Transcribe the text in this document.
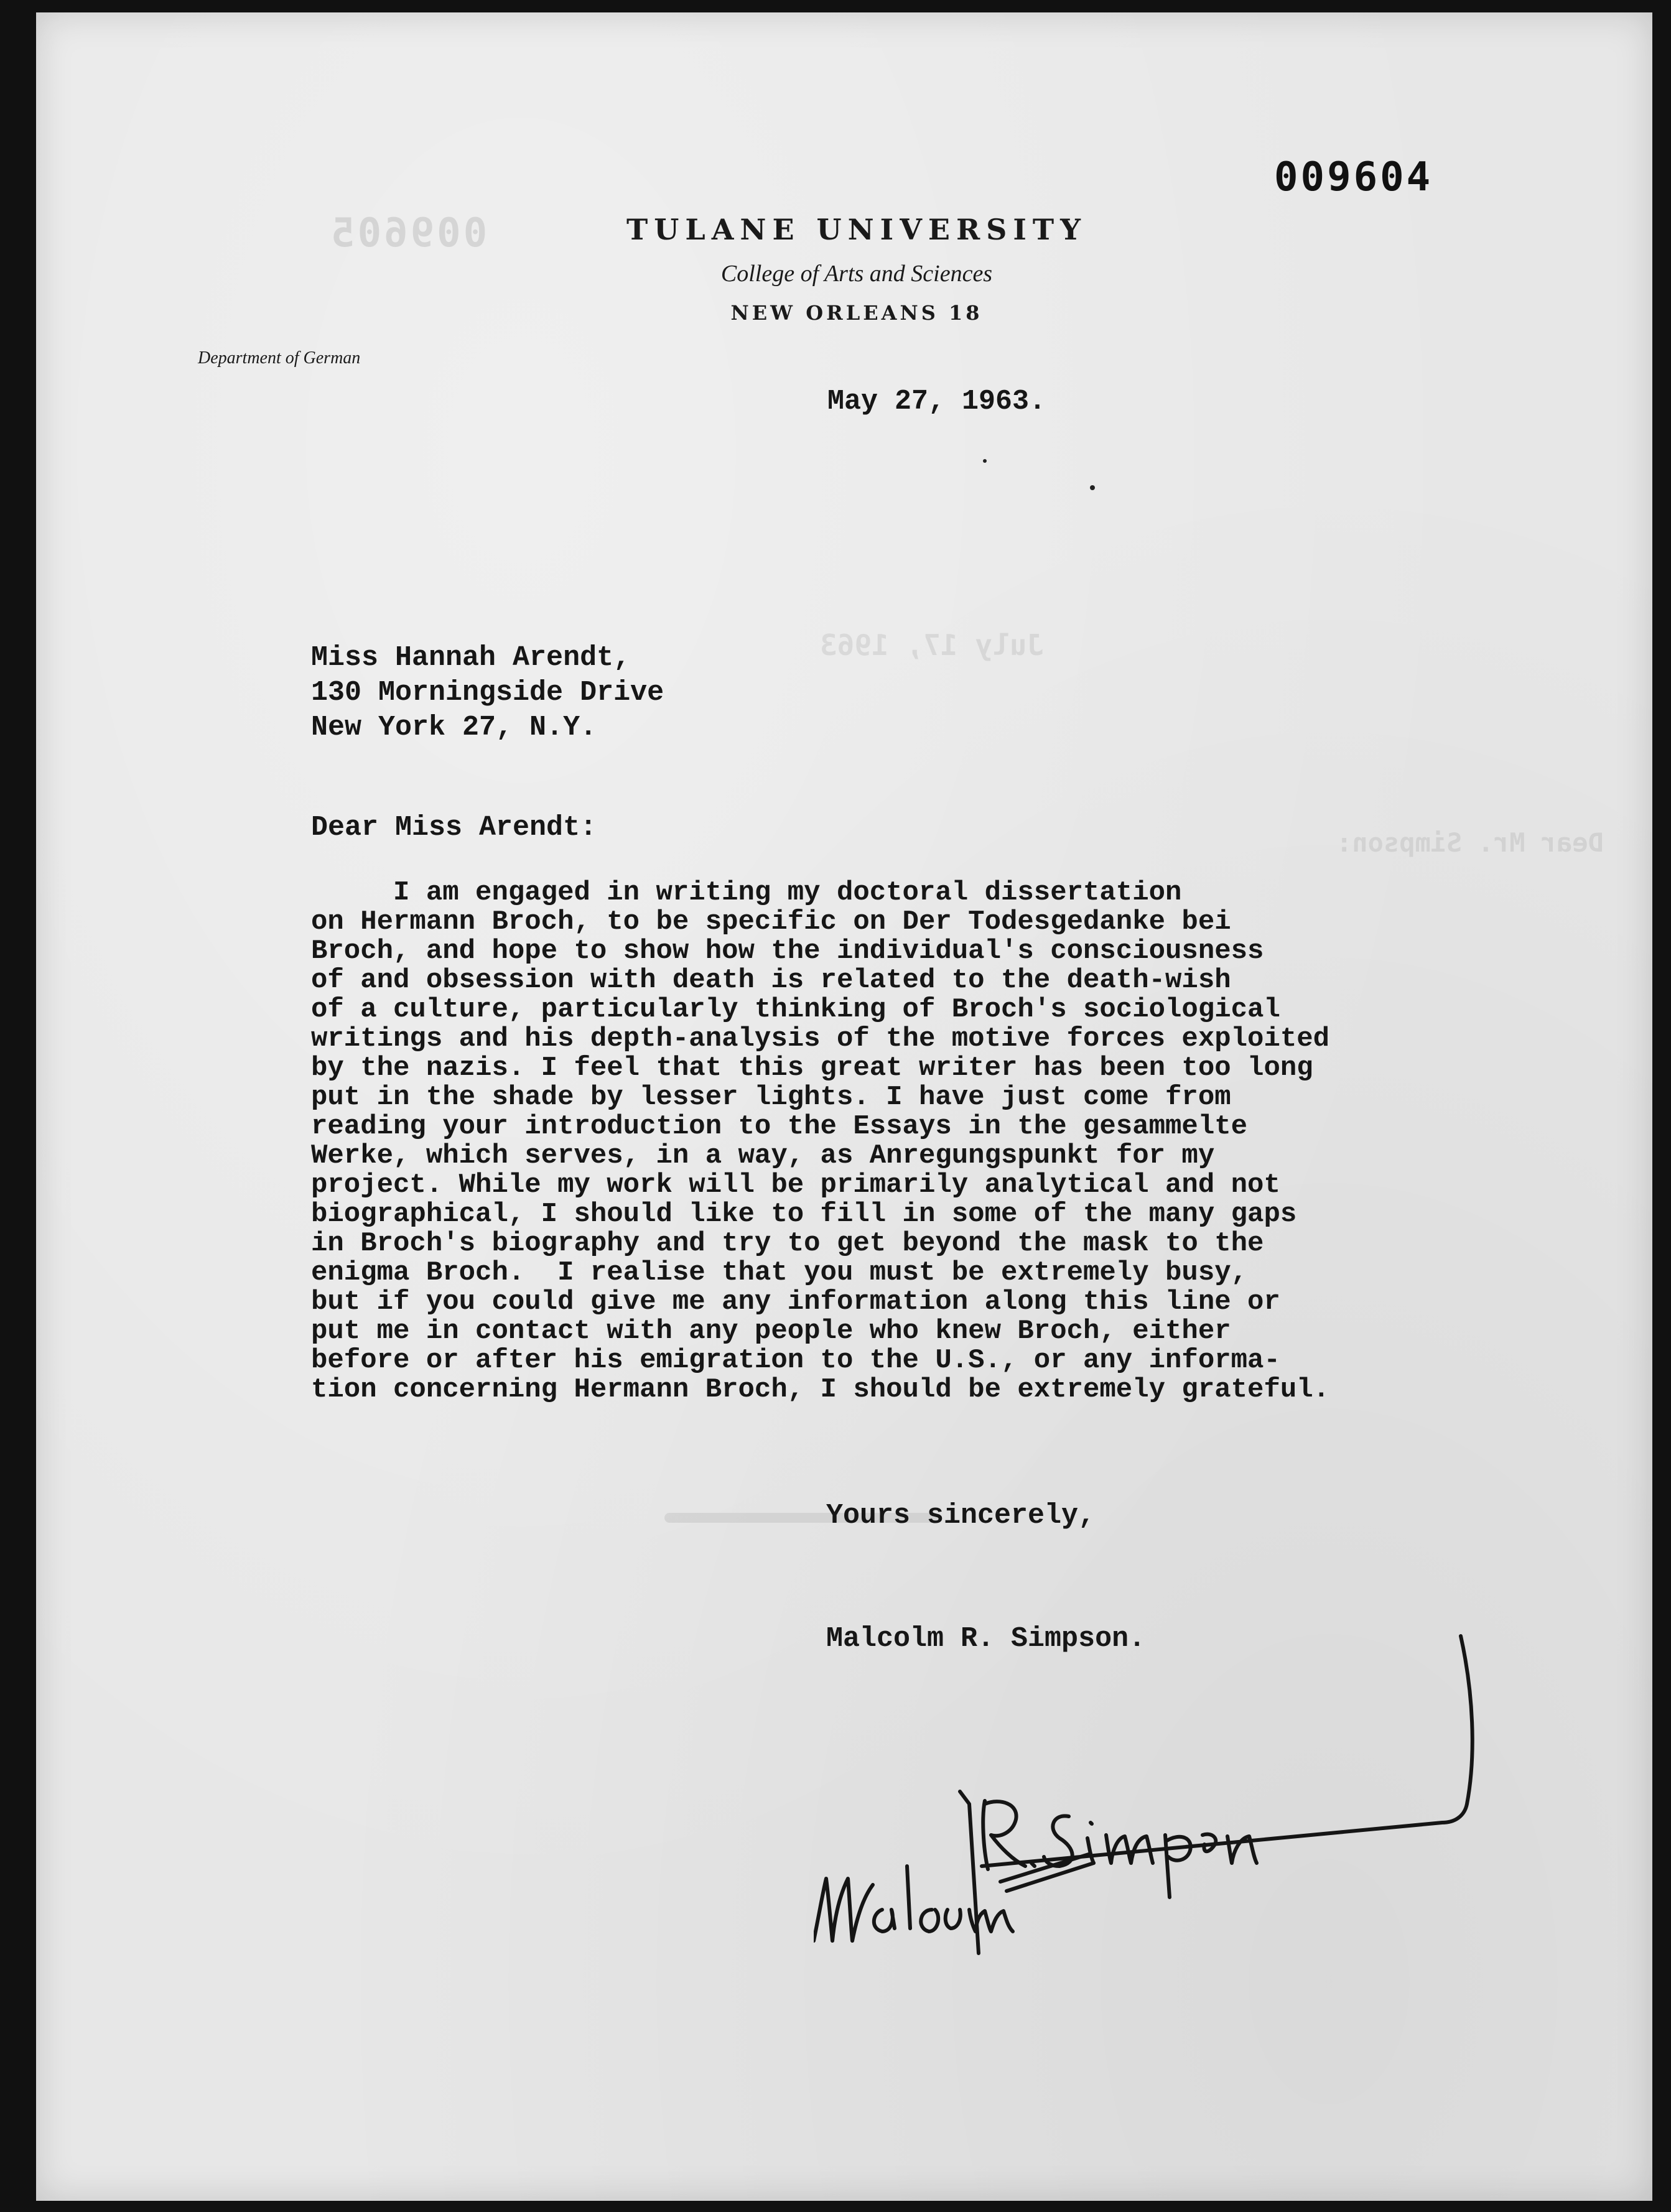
009605
July 17, 1963
Dear Mr. Simpson:
009604
TULANE UNIVERSITY
College of Arts and Sciences
NEW ORLEANS 18
Department of German
May 27, 1963.
Miss Hannah Arendt,
130 Morningside Drive
New York 27, N.Y.
Dear Miss Arendt:
I am engaged in writing my doctoral dissertation
on Hermann Broch, to be specific on Der Todesgedanke bei
Broch, and hope to show how the individual's consciousness
of and obsession with death is related to the death-wish
of a culture, particularly thinking of Broch's sociological
writings and his depth-analysis of the motive forces exploited
by the nazis. I feel that this great writer has been too long
put in the shade by lesser lights. I have just come from
reading your introduction to the Essays in the gesammelte
Werke, which serves, in a way, as Anregungspunkt for my
project. While my work will be primarily analytical and not
biographical, I should like to fill in some of the many gaps
in Broch's biography and try to get beyond the mask to the
enigma Broch.  I realise that you must be extremely busy,
but if you could give me any information along this line or
put me in contact with any people who knew Broch, either
before or after his emigration to the U.S., or any informa-
tion concerning Hermann Broch, I should be extremely grateful.
Yours sincerely,
Malcolm R. Simpson.
